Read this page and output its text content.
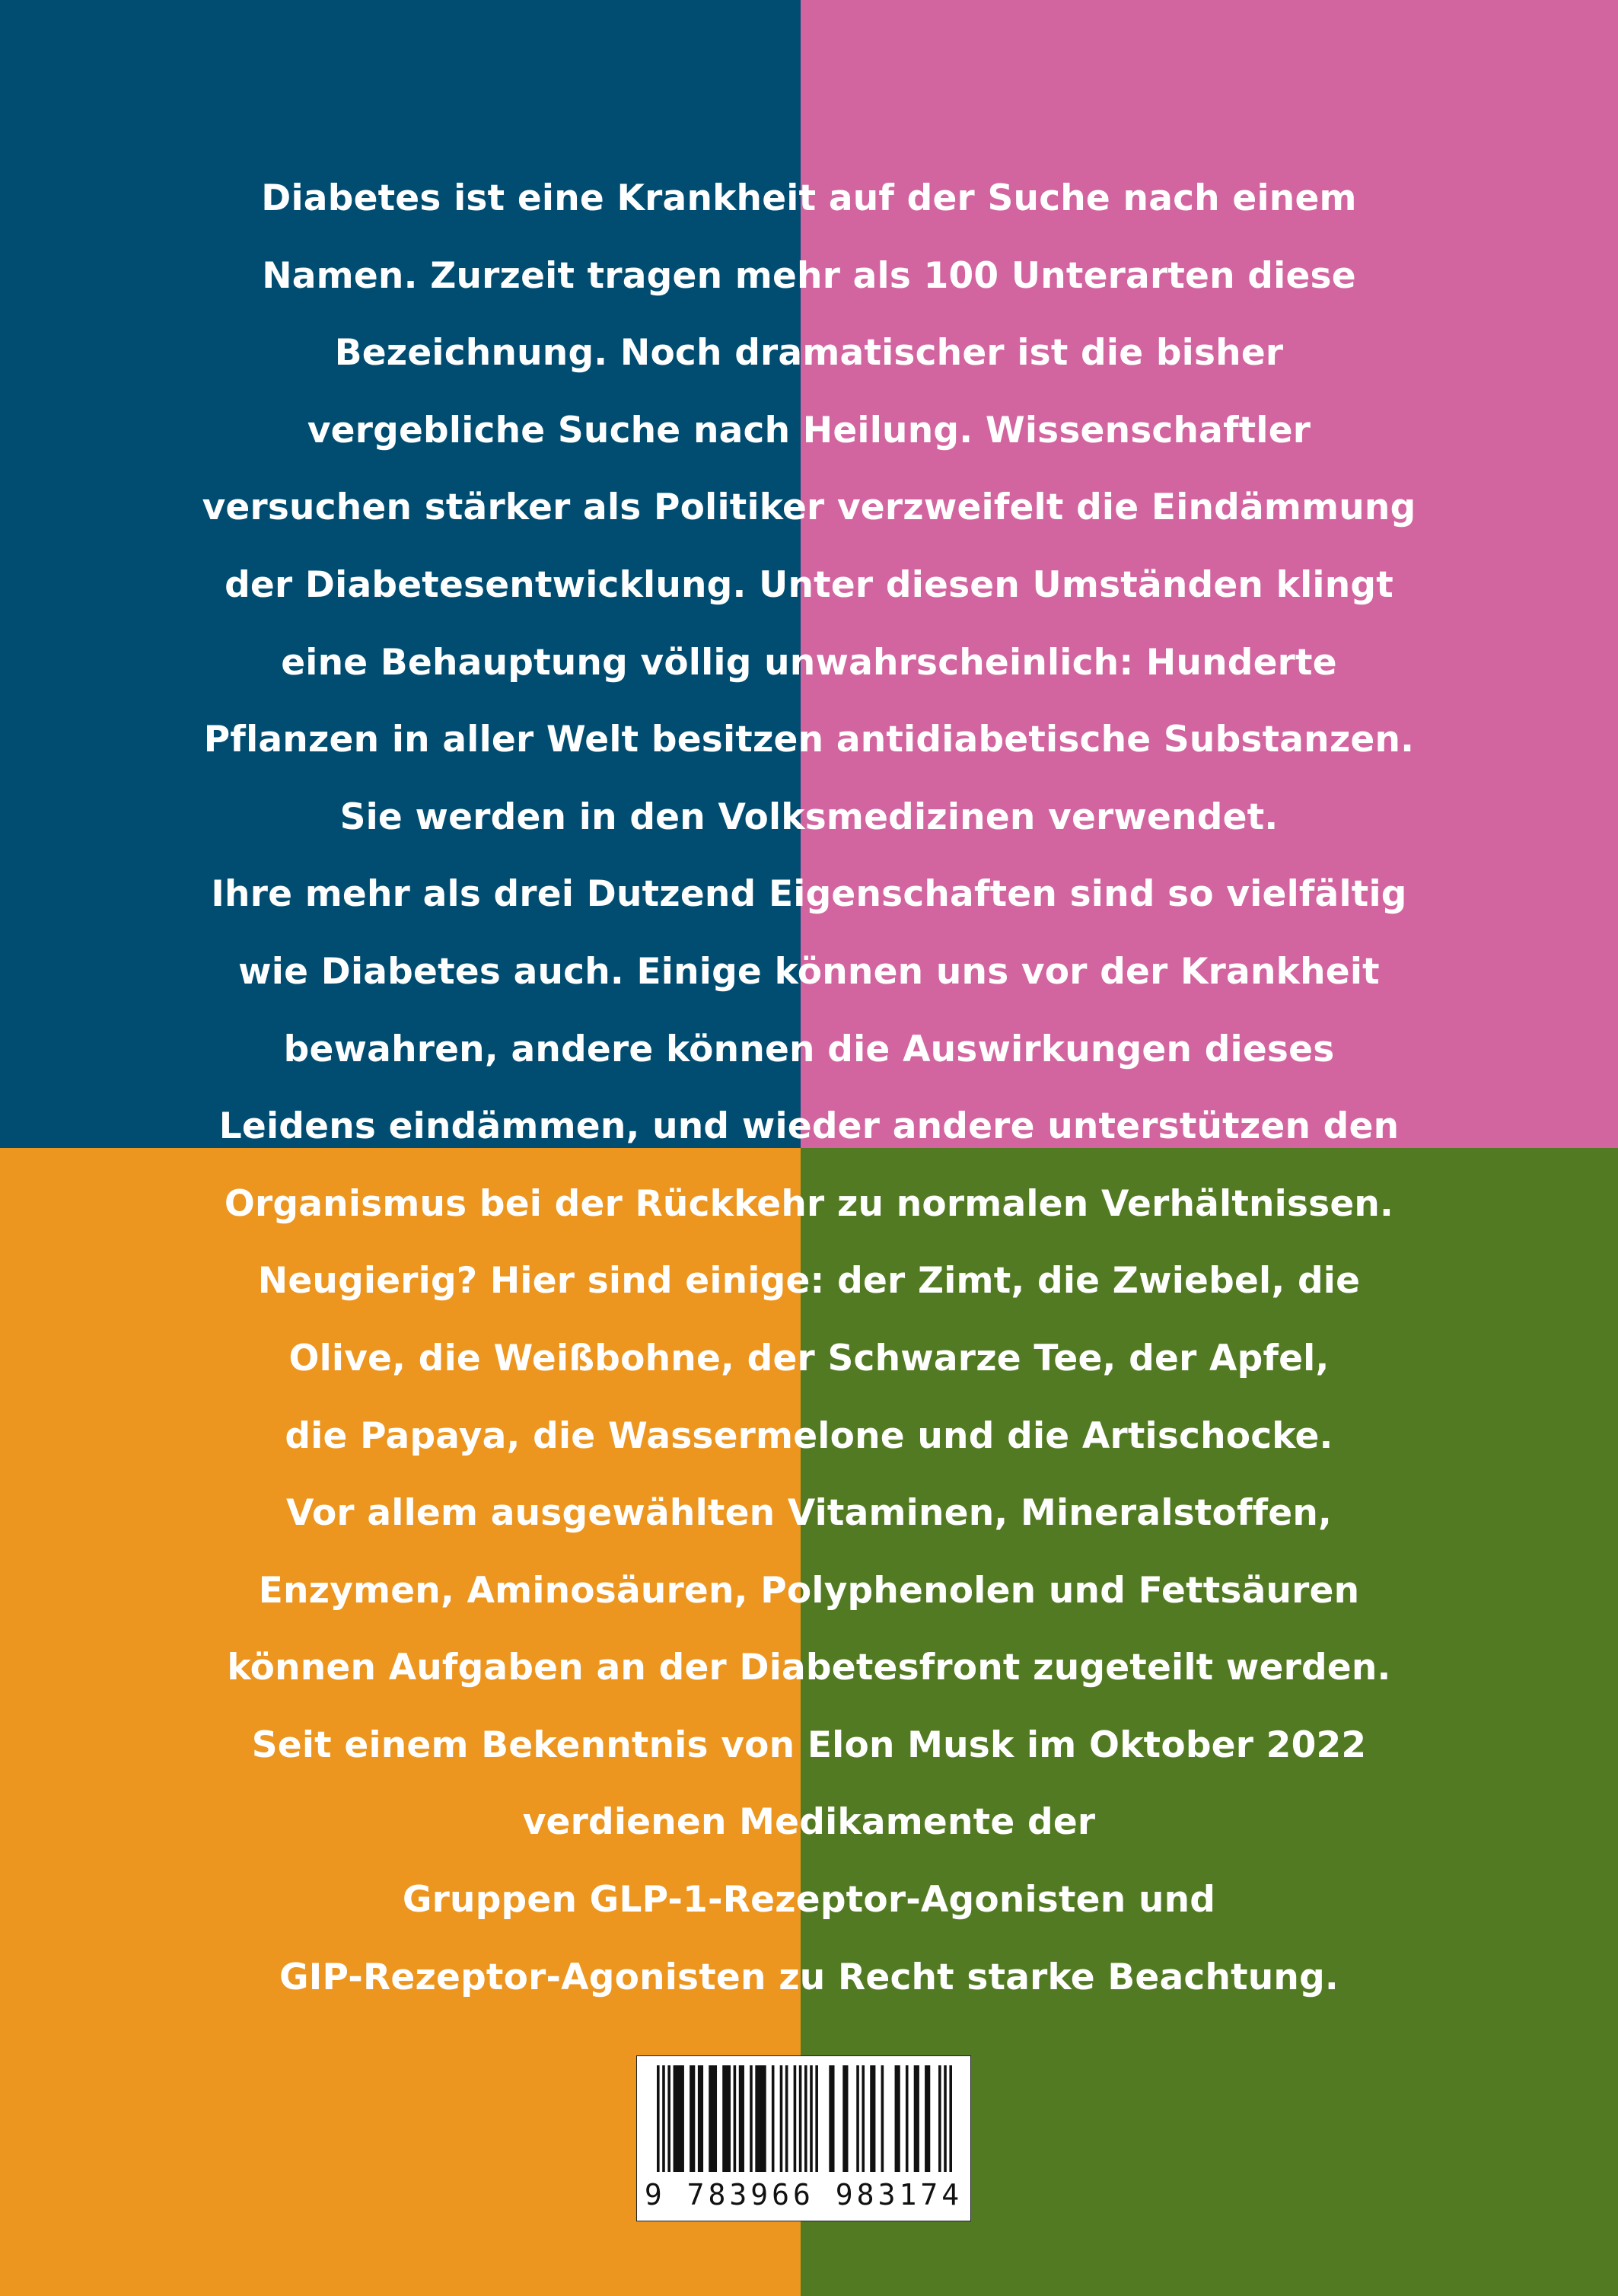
Diabetes ist eine Krankheit auf der Suche nach einem
Namen. Zurzeit tragen mehr als 100 Unterarten diese
Bezeichnung. Noch dramatischer ist die bisher
vergebliche Suche nach Heilung. Wissenschaftler
versuchen stärker als Politiker verzweifelt die Eindämmung
der Diabetesentwicklung. Unter diesen Umständen klingt
eine Behauptung völlig unwahrscheinlich: Hunderte
Pflanzen in aller Welt besitzen antidiabetische Substanzen.
Sie werden in den Volksmedizinen verwendet.
Ihre mehr als drei Dutzend Eigenschaften sind so vielfältig
wie Diabetes auch. Einige können uns vor der Krankheit
bewahren, andere können die Auswirkungen dieses
Leidens eindämmen, und wieder andere unterstützen den
Organismus bei der Rückkehr zu normalen Verhältnissen.
Neugierig? Hier sind einige: der Zimt, die Zwiebel, die
Olive, die Weißbohne, der Schwarze Tee, der Apfel,
die Papaya, die Wassermelone und die Artischocke.
Vor allem ausgewählten Vitaminen, Mineralstoffen,
Enzymen, Aminosäuren, Polyphenolen und Fettsäuren
können Aufgaben an der Diabetesfront zugeteilt werden.
Seit einem Bekenntnis von Elon Musk im Oktober 2022
verdienen Medikamente der
Gruppen GLP-1-Rezeptor-Agonisten und
GIP-Rezeptor-Agonisten zu Recht starke Beachtung.
9 783966 983174
